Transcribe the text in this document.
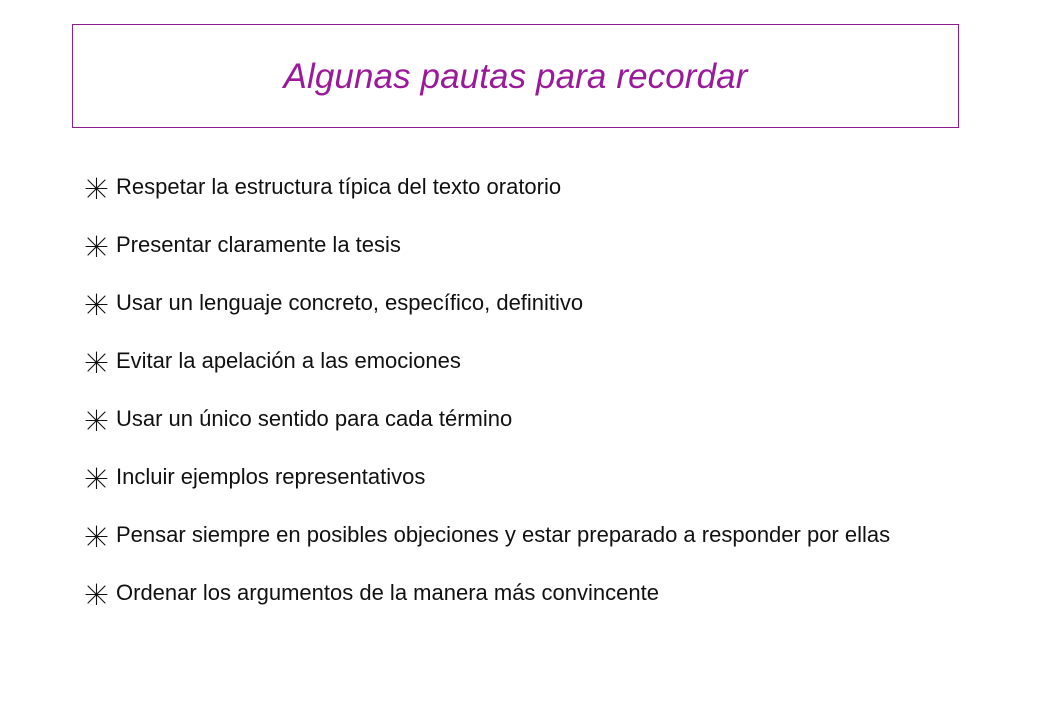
Algunas pautas para recordar
Respetar la estructura típica del texto oratorio
Presentar claramente la tesis
Usar un lenguaje concreto, específico, definitivo
Evitar la apelación a las emociones
Usar un único sentido para cada término
Incluir ejemplos representativos
Pensar siempre en posibles objeciones y estar preparado a responder por ellas
Ordenar los argumentos de la manera más convincente
